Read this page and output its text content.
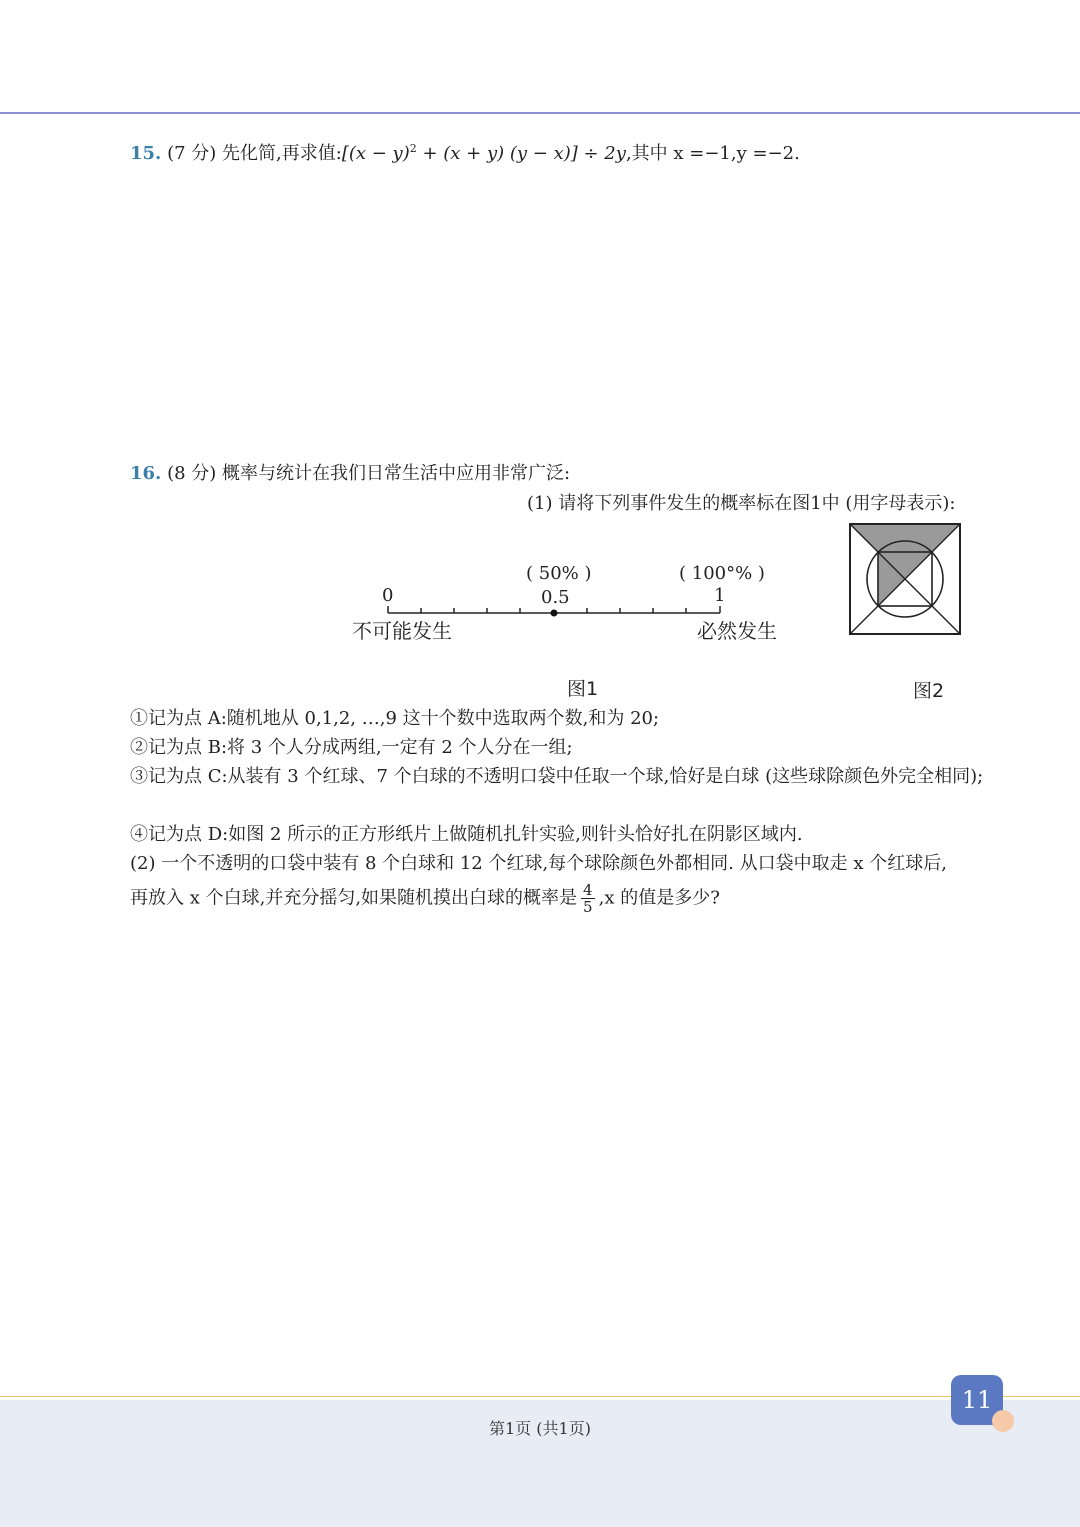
15. (7 分) 先化简,再求值:[(x − y)$^2$ + (x + y) (y − x)] ÷ 2y,其中 x =−1,y =−2.
16. (8 分) 概率与统计在我们日常生活中应用非常广泛:
(1) 请将下列事件发生的概率标在图1中 (用字母表示):
0	0.5	1
( 50% )	( 100°% )
不可能发生	必然发生
图1	图2
①记为点 A:随机地从 0,1,2, …,9 这十个数中选取两个数,和为 20;
②记为点 B:将 3 个人分成两组,一定有 2 个人分在一组;
③记为点 C:从装有 3 个红球、7 个白球的不透明口袋中任取一个球,恰好是白球 (这些球除颜色外完全相同);
④记为点 D:如图 2 所示的正方形纸片上做随机扎针实验,则针头恰好扎在阴影区域内.
(2) 一个不透明的口袋中装有 8 个白球和 12 个红球,每个球除颜色外都相同. 从口袋中取走 x 个红球后,
再放入 x 个白球,并充分摇匀,如果随机摸出白球的概率是 $\frac{4}{5} ,x$ 的值是多少?
11
第1页 (共1页)
